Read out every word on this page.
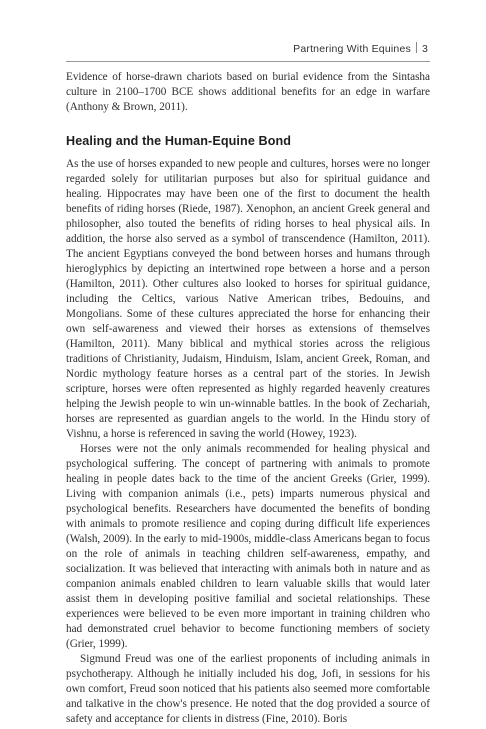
Partnering With Equines 3

Evidence of horse-drawn chariots based on burial evidence from the Sintasha culture in 2100–1700 BCE shows additional benefits for an edge in warfare (Anthony & Brown, 2011).

Healing and the Human-Equine Bond

As the use of horses expanded to new people and cultures, horses were no longer regarded solely for utilitarian purposes but also for spiritual guidance and healing. Hippocrates may have been one of the first to document the health benefits of riding horses (Riede, 1987). Xenophon, an ancient Greek general and philosopher, also touted the benefits of riding horses to heal physical ails. In addition, the horse also served as a symbol of transcendence (Hamilton, 2011). The ancient Egyptians conveyed the bond between horses and humans through hieroglyphics by depicting an intertwined rope between a horse and a person (Hamilton, 2011). Other cultures also looked to horses for spiritual guidance, including the Celtics, various Native American tribes, Bedouins, and Mongolians. Some of these cultures appreciated the horse for enhancing their own self-awareness and viewed their horses as extensions of themselves (Hamilton, 2011). Many biblical and mythical stories across the religious traditions of Christianity, Judaism, Hinduism, Islam, ancient Greek, Roman, and Nordic mythology feature horses as a central part of the stories. In Jewish scripture, horses were often represented as highly regarded heavenly creatures helping the Jewish people to win un-winnable battles. In the book of Zechariah, horses are represented as guardian angels to the world. In the Hindu story of Vishnu, a horse is referenced in saving the world (Howey, 1923).

Horses were not the only animals recommended for healing physical and psychological suffering. The concept of partnering with animals to promote healing in people dates back to the time of the ancient Greeks (Grier, 1999). Living with companion animals (i.e., pets) imparts numerous physical and psychological benefits. Researchers have documented the benefits of bonding with animals to promote resilience and coping during difficult life experiences (Walsh, 2009). In the early to mid-1900s, middle-class Americans began to focus on the role of animals in teaching children self-awareness, empathy, and socialization. It was believed that interacting with animals both in nature and as companion animals enabled children to learn valuable skills that would later assist them in developing positive familial and societal relationships. These experiences were believed to be even more important in training children who had demonstrated cruel behavior to become functioning members of society (Grier, 1999).

Sigmund Freud was one of the earliest proponents of including animals in psychotherapy. Although he initially included his dog, Jofi, in sessions for his own comfort, Freud soon noticed that his patients also seemed more comfortable and talkative in the chow's presence. He noted that the dog provided a source of safety and acceptance for clients in distress (Fine, 2010). Boris
